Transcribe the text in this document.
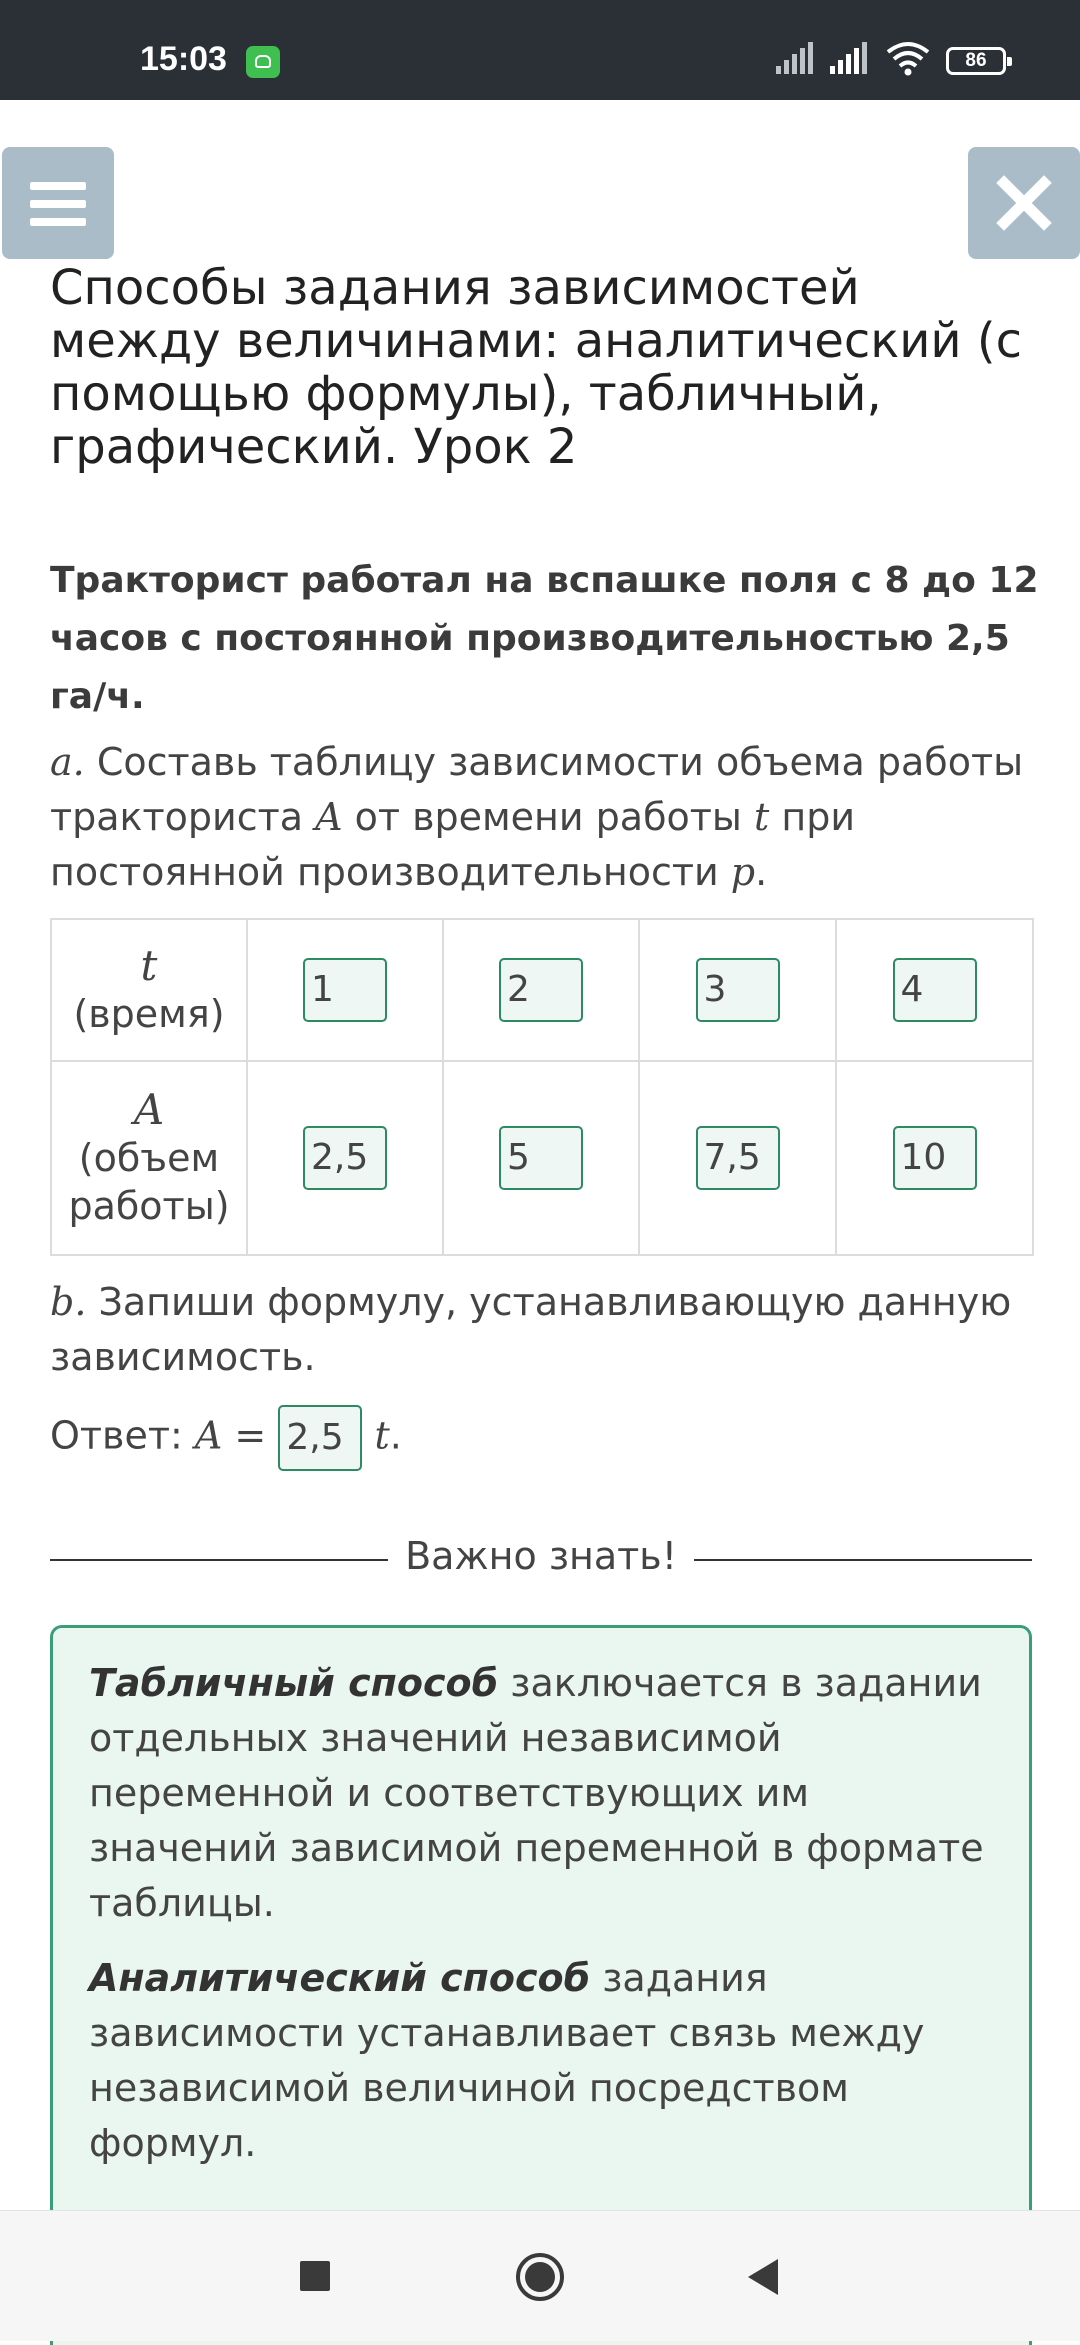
15:03	86
Способы задания зависимостей между величинами: аналитический (с помощью формулы), табличный, графический. Урок 2
Тракторист работал на вспашке поля с 8 до 12 часов с постоянной производительностью 2,5 га/ч.
a. Составь таблицу зависимости объема работы тракториста A от времени работы t при постоянной производительности p.
t
(время)	1	2	3	4

A
(объем работы)	2,5	5	7,5	10
b. Запиши формулу, устанавливающую данную зависимость.
Ответ: A = 2,5 t.
Важно знать!

Табличный способ заключается в задании отдельных значений независимой переменной и соответствующих им значений зависимой переменной в формате таблицы.

Аналитический способ задания зависимости устанавливает связь между независимой величиной посредством формул.
